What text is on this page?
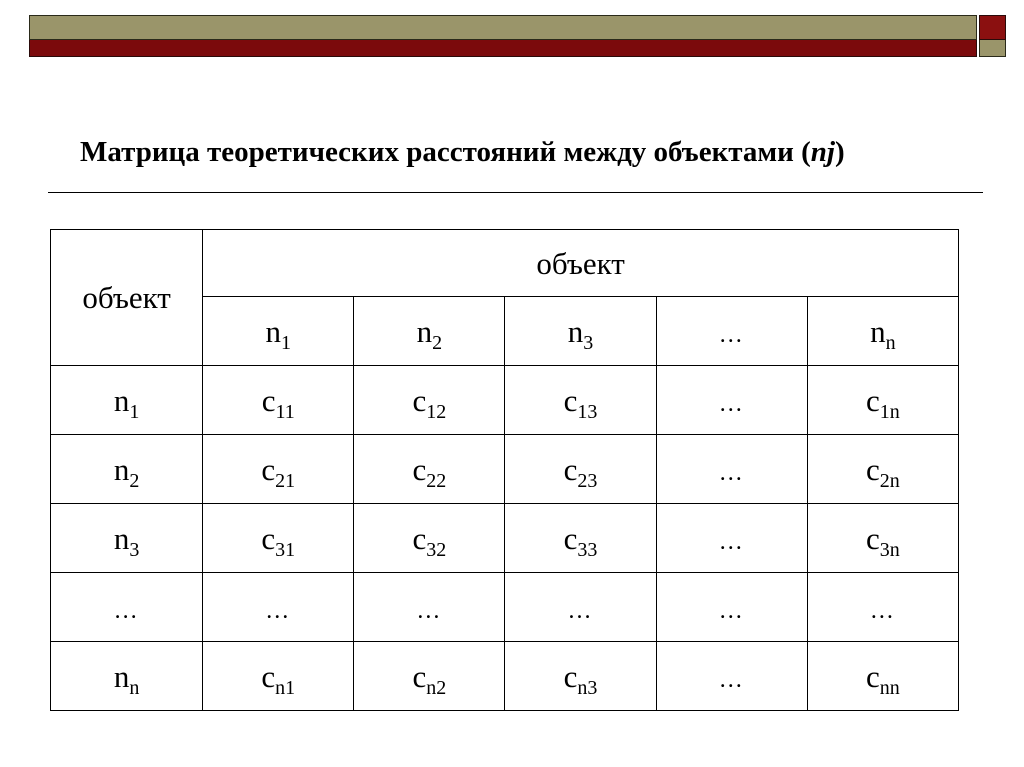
Матрица теоретических расстояний между объектами (nj)
объект	объект				
	$n_1$	$n_2$	$n_3$	…	$n_n$
$n_1$	$c_{11}$	$c_{12}$	$c_{13}$	…	$c_{1n}$
$n_2$	$c_{21}$	$c_{22}$	$c_{23}$	…	$c_{2n}$
$n_3$	$c_{31}$	$c_{32}$	$c_{33}$	…	$c_{3n}$
…	…	…	…	…	…
$n_n$	$c_{n1}$	$c_{n2}$	$c_{n3}$	…	$c_{nn}$
